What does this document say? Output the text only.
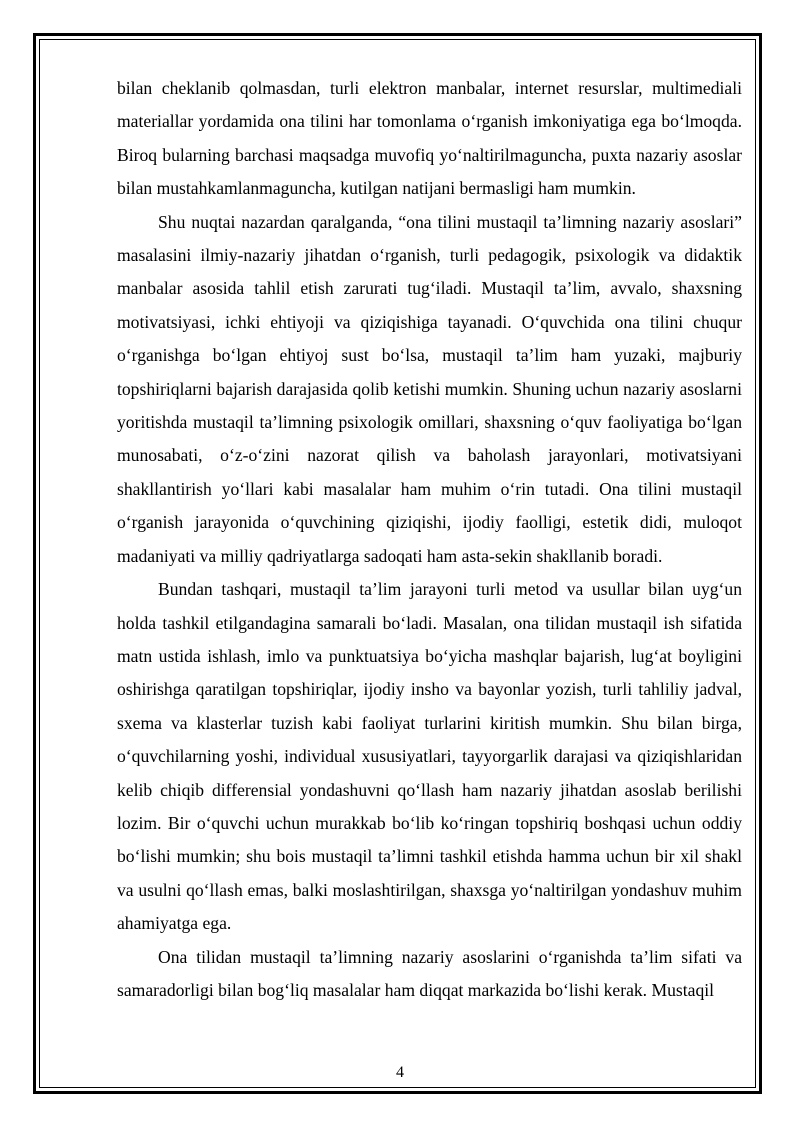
bilan cheklanib qolmasdan, turli elektron manbalar, internet resurslar, multimediali materiallar yordamida ona tilini har tomonlama oʻrganish imkoniyatiga ega boʻlmoqda. Biroq bularning barchasi maqsadga muvofiq yoʻnaltirilmaguncha, puxta nazariy asoslar bilan mustahkamlanmaguncha, kutilgan natijani bermasligi ham mumkin.

Shu nuqtai nazardan qaralganda, “ona tilini mustaqil ta’limning nazariy asoslari” masalasini ilmiy-nazariy jihatdan oʻrganish, turli pedagogik, psixologik va didaktik manbalar asosida tahlil etish zarurati tugʻiladi. Mustaqil ta’lim, avvalo, shaxsning motivatsiyasi, ichki ehtiyoji va qiziqishiga tayanadi. Oʻquvchida ona tilini chuqur oʻrganishga boʻlgan ehtiyoj sust boʻlsa, mustaqil ta’lim ham yuzaki, majburiy topshiriqlarni bajarish darajasida qolib ketishi mumkin. Shuning uchun nazariy asoslarni yoritishda mustaqil ta’limning psixologik omillari, shaxsning oʻquv faoliyatiga boʻlgan munosabati, oʻz-oʻzini nazorat qilish va baholash jarayonlari, motivatsiyani shakllantirish yoʻllari kabi masalalar ham muhim oʻrin tutadi. Ona tilini mustaqil oʻrganish jarayonida oʻquvchining qiziqishi, ijodiy faolligi, estetik didi, muloqot madaniyati va milliy qadriyatlarga sadoqati ham asta-sekin shakllanib boradi.

Bundan tashqari, mustaqil ta’lim jarayoni turli metod va usullar bilan uygʻun holda tashkil etilgandagina samarali boʻladi. Masalan, ona tilidan mustaqil ish sifatida matn ustida ishlash, imlo va punktuatsiya boʻyicha mashqlar bajarish, lugʻat boyligini oshirishga qaratilgan topshiriqlar, ijodiy insho va bayonlar yozish, turli tahliliy jadval, sxema va klasterlar tuzish kabi faoliyat turlarini kiritish mumkin. Shu bilan birga, oʻquvchilarning yoshi, individual xususiyatlari, tayyorgarlik darajasi va qiziqishlaridan kelib chiqib differensial yondashuvni qoʻllash ham nazariy jihatdan asoslab berilishi lozim. Bir oʻquvchi uchun murakkab boʻlib koʻringan topshiriq boshqasi uchun oddiy boʻlishi mumkin; shu bois mustaqil ta’limni tashkil etishda hamma uchun bir xil shakl va usulni qoʻllash emas, balki moslashtirilgan, shaxsga yoʻnaltirilgan yondashuv muhim ahamiyatga ega.

Ona tilidan mustaqil ta’limning nazariy asoslarini oʻrganishda ta’lim sifati va samaradorligi bilan bogʻliq masalalar ham diqqat markazida boʻlishi kerak. Mustaqil

4
